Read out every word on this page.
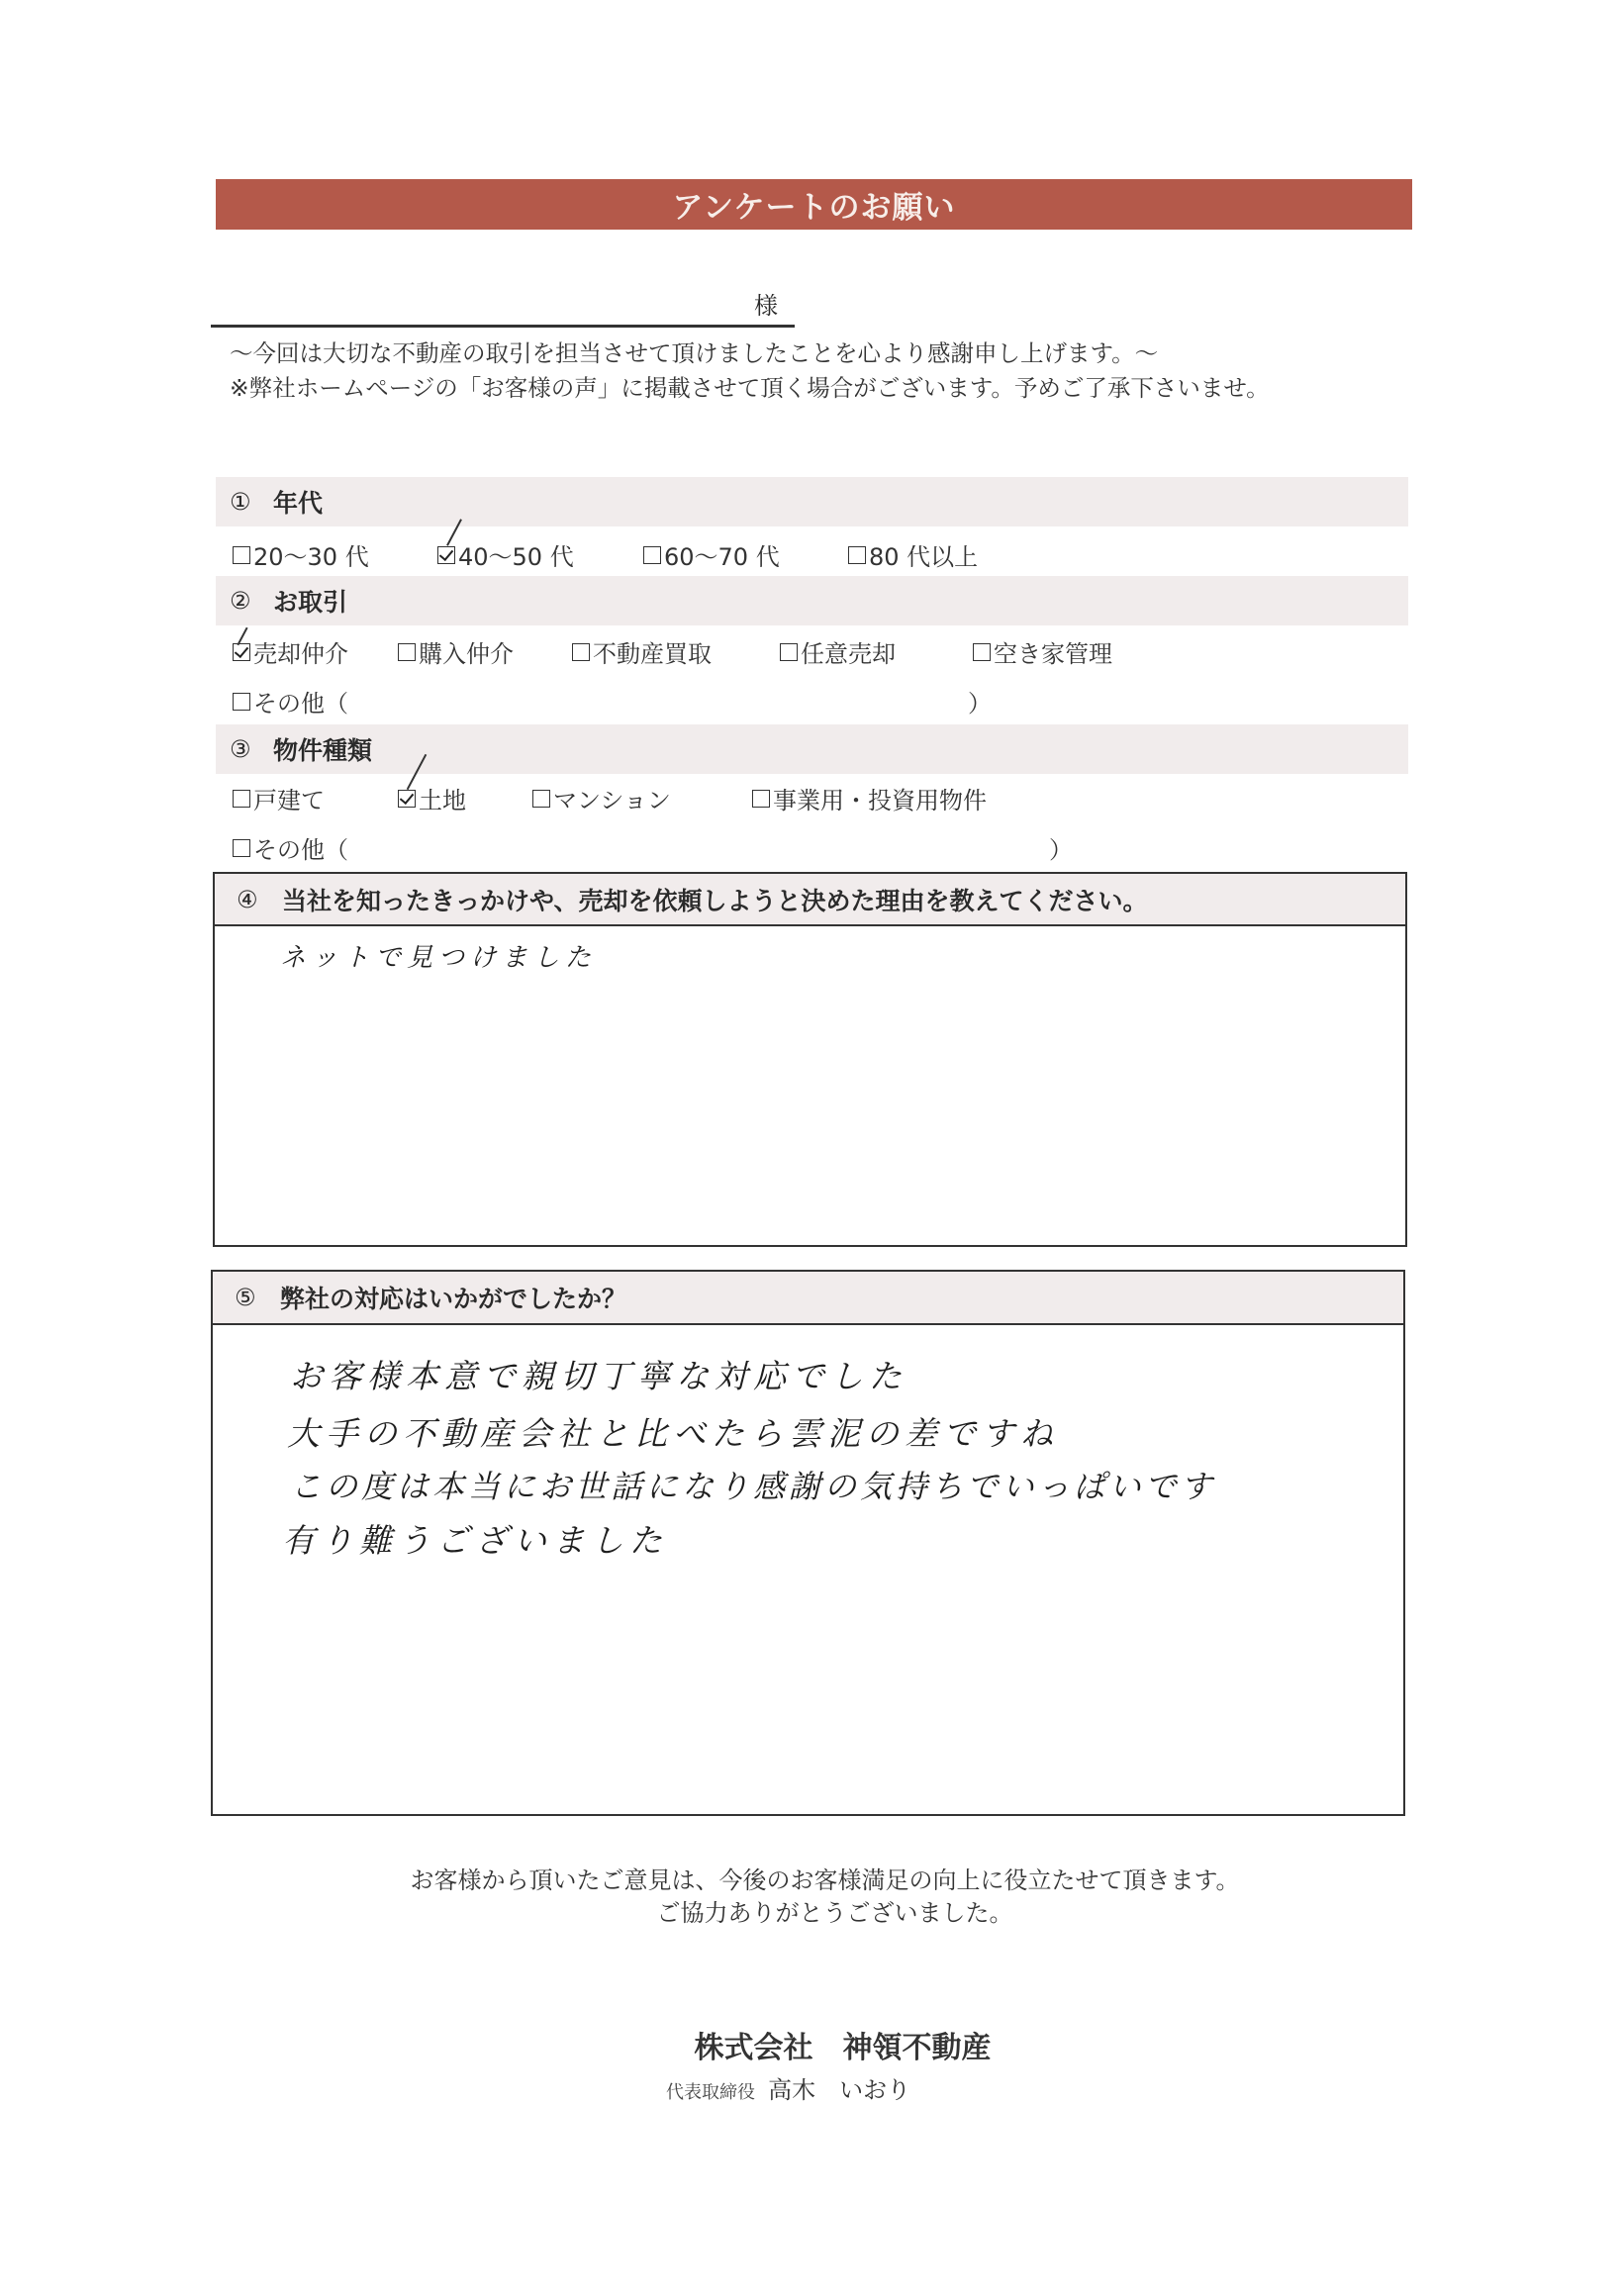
アンケートのお願い
様
～今回は大切な不動産の取引を担当させて頂けましたことを心より感謝申し上げます。～
※弊社ホームページの「お客様の声」に掲載させて頂く場合がございます。予めご了承下さいませ。
① 年代
20～30 代	40～50 代	60～70 代	80 代以上
② お取引
売却仲介	購入仲介	不動産買取	任意売却	空き家管理
その他（	）
③ 物件種類
戸建て	土地	マンション	事業用・投資用物件
その他（	）
④ 当社を知ったきっかけや、売却を依頼しようと決めた理由を教えてください。
ネットで見つけました
⑤ 弊社の対応はいかがでしたか？
お客様本意で親切丁寧な対応でした
大手の不動産会社と比べたら雲泥の差ですね
この度は本当にお世話になり感謝の気持ちでいっぱいです
有り難うございました
お客様から頂いたご意見は、今後のお客様満足の向上に役立たせて頂きます。
ご協力ありがとうございました。
株式会社　神領不動産
代表取締役 高木　いおり
